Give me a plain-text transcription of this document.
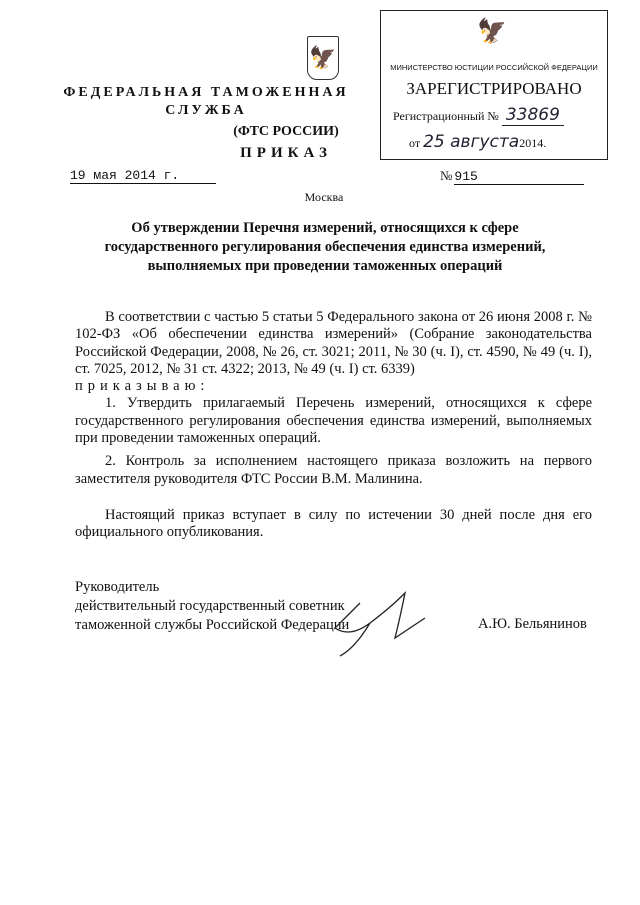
🦅
ФЕДЕРАЛЬНАЯ ТАМОЖЕННАЯ СЛУЖБА
(ФТС РОССИИ)
ПРИКАЗ
19 мая 2014 г.	№ 915
Москва
🦅
МИНИСТЕРСТВО ЮСТИЦИИ РОССИЙСКОЙ ФЕДЕРАЦИИ
ЗАРЕГИСТРИРОВАНО
Регистрационный № 33869
от 25 августа2014.
Об утверждении Перечня измерений, относящихся к сфере государственного регулирования обеспечения единства измерений, выполняемых при проведении таможенных операций

В соответствии с частью 5 статьи 5 Федерального закона от 26 июня 2008 г. № 102-ФЗ «Об обеспечении единства измерений» (Собрание законодательства Российской Федерации, 2008, № 26, ст. 3021; 2011, № 30 (ч. I), ст. 4590, № 49 (ч. I), ст. 7025, 2012, № 31 ст. 4322; 2013, № 49 (ч. I) ст. 6339)

приказываю:

1. Утвердить прилагаемый Перечень измерений, относящихся к сфере государственного регулирования обеспечения единства измерений, выполняемых при проведении таможенных операций.

2. Контроль за исполнением настоящего приказа возложить на первого заместителя руководителя ФТС России В.М. Малинина.

Настоящий приказ вступает в силу по истечении 30 дней после дня его официального опубликования.

Руководитель
действительный государственный советник
таможенной службы Российской Федерации	А.Ю. Бельянинов
